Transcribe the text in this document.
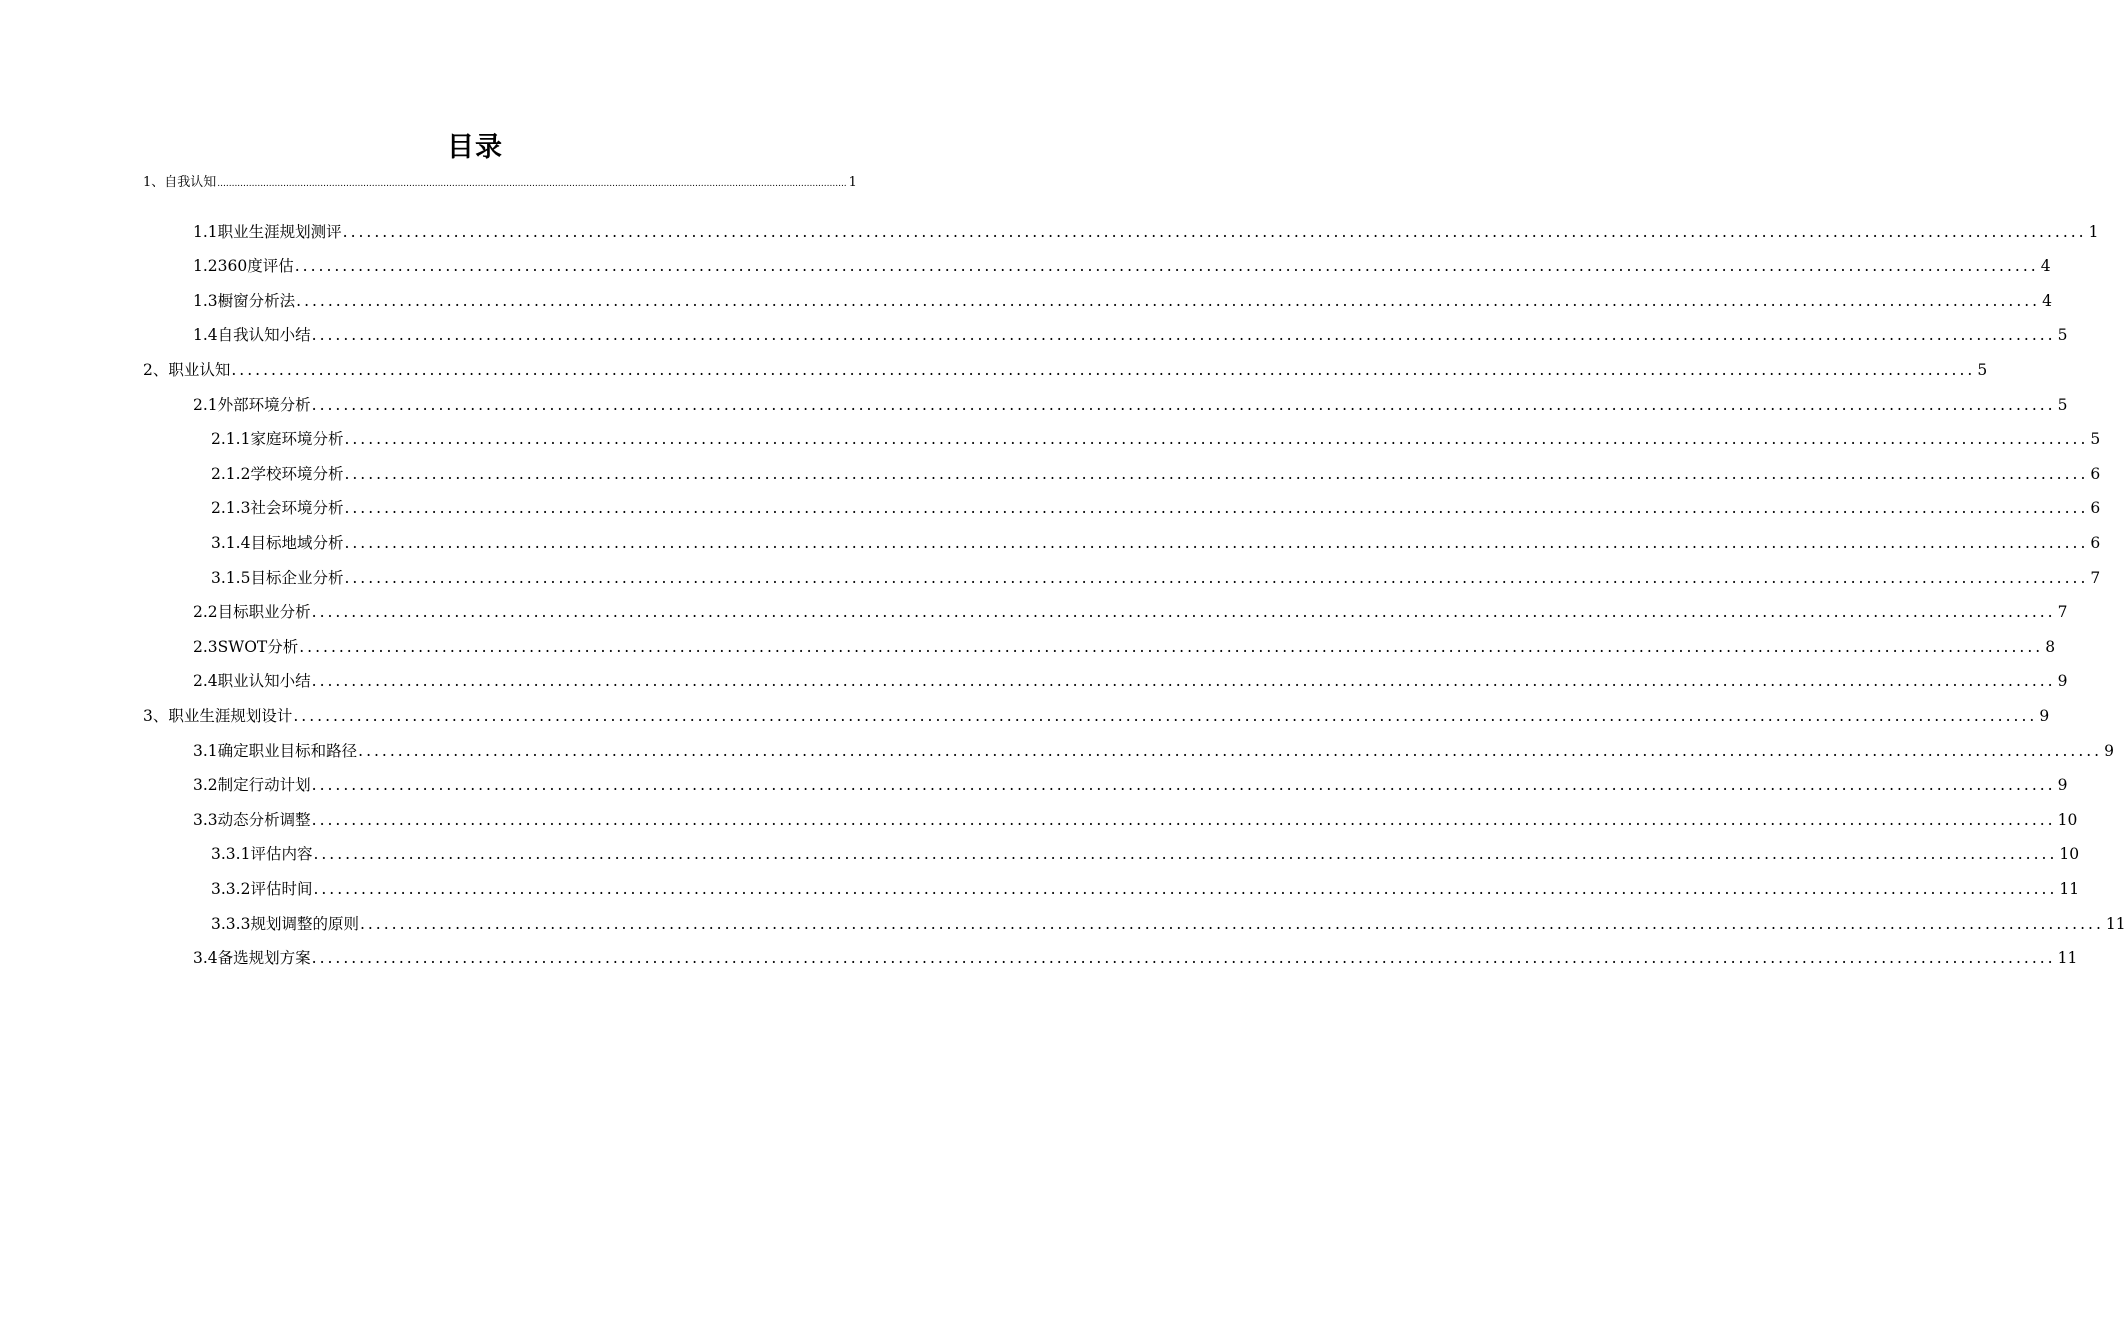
目录
1、自我认知 ............................................................................................................................................................................................................................ 1
1.1职业生涯规划测评 ............................................................................................................................................................................................................................ 1
1.2360度评估 ............................................................................................................................................................................................................................ 4
1.3橱窗分析法 ............................................................................................................................................................................................................................ 4
1.4自我认知小结 ............................................................................................................................................................................................................................ 5
2、职业认知 ............................................................................................................................................................................................................................ 5
2.1外部环境分析 ............................................................................................................................................................................................................................ 5
2.1.1家庭环境分析 ............................................................................................................................................................................................................................ 5
2.1.2学校环境分析 ............................................................................................................................................................................................................................ 6
2.1.3社会环境分析 ............................................................................................................................................................................................................................ 6
3.1.4目标地域分析 ............................................................................................................................................................................................................................ 6
3.1.5目标企业分析 ............................................................................................................................................................................................................................ 7
2.2目标职业分析 ............................................................................................................................................................................................................................ 7
2.3SWOT分析 ............................................................................................................................................................................................................................ 8
2.4职业认知小结 ............................................................................................................................................................................................................................ 9
3、职业生涯规划设计 ............................................................................................................................................................................................................................ 9
3.1确定职业目标和路径 ............................................................................................................................................................................................................................ 9
3.2制定行动计划 ............................................................................................................................................................................................................................ 9
3.3动态分析调整 ............................................................................................................................................................................................................................ 10
3.3.1评估内容 ............................................................................................................................................................................................................................ 10
3.3.2评估时间 ............................................................................................................................................................................................................................ 11
3.3.3规划调整的原则 ............................................................................................................................................................................................................................ 11
3.4备选规划方案 ............................................................................................................................................................................................................................ 11
